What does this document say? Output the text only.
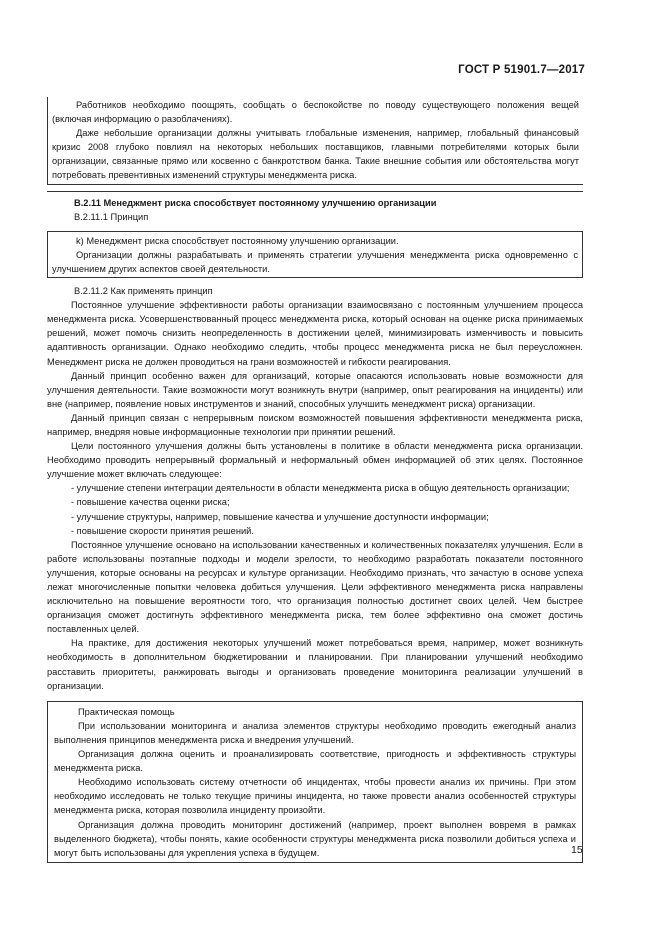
ГОСТ Р 51901.7—2017

Работников необходимо поощрять, сообщать о беспокойстве по поводу существующего положения вещей (включая информацию о разоблачениях).

Даже небольшие организации должны учитывать глобальные изменения, например, глобальный финансовый кризис 2008 глубоко повлиял на некоторых небольших поставщиков, главными потребителями которых были организации, связанные прямо или косвенно с банкротством банка. Такие внешние события или обстоятельства могут потребовать превентивных изменений структуры менеджмента риска.

B.2.11 Менеджмент риска способствует постоянному улучшению организации

В.2.11.1 Принцип

k) Менеджмент риска способствует постоянному улучшению организации.

Организации должны разрабатывать и применять стратегии улучшения менеджмента риска одновременно с улучшением других аспектов своей деятельности.

В.2.11.2 Как применять принцип

Постоянное улучшение эффективности работы организации взаимосвязано с постоянным улучшением процесса менеджмента риска. Усовершенствованный процесс менеджмента риска, который основан на оценке риска принимаемых решений, может помочь снизить неопределенность в достижении целей, минимизировать изменчивость и повысить адаптивность организации. Однако необходимо следить, чтобы процесс менеджмента риска не был переусложнен. Менеджмент риска не должен проводиться на грани возможностей и гибкости реагирования.

Данный принцип особенно важен для организаций, которые опасаются использовать новые возможности для улучшения деятельности. Такие возможности могут возникнуть внутри (например, опыт реагирования на инциденты) или вне (например, появление новых инструментов и знаний, способных улучшить менеджмент риска) организации.

Данный принцип связан с непрерывным поиском возможностей повышения эффективности менеджмента риска, например, внедряя новые информационные технологии при принятии решений.

Цели постоянного улучшения должны быть установлены в политике в области менеджмента риска организации. Необходимо проводить непрерывный формальный и неформальный обмен информацией об этих целях. Постоянное улучшение может включать следующее:

- улучшение степени интеграции деятельности в области менеджмента риска в общую деятельность организации;

- повышение качества оценки риска;

- улучшение структуры, например, повышение качества и улучшение доступности информации;

- повышение скорости принятия решений.

Постоянное улучшение основано на использовании качественных и количественных показателях улучшения. Если в работе использованы поэтапные подходы и модели зрелости, то необходимо разработать показатели постоянного улучшения, которые основаны на ресурсах и культуре организации. Необходимо признать, что зачастую в основе успеха лежат многочисленные попытки человека добиться улучшения. Цели эффективного менеджмента риска направлены исключительно на повышение вероятности того, что организация полностью достигнет своих целей. Чем быстрее организация сможет достигнуть эффективного менеджмента риска, тем более эффективно она сможет достичь поставленных целей.

На практике, для достижения некоторых улучшений может потребоваться время, например, может возникнуть необходимость в дополнительном бюджетировании и планировании. При планировании улучшений необходимо расставить приоритеты, ранжировать выгоды и организовать проведение мониторинга реализации улучшений в организации.

Практическая помощь

При использовании мониторинга и анализа элементов структуры необходимо проводить ежегодный анализ выполнения принципов менеджмента риска и внедрения улучшений.

Организация должна оценить и проанализировать соответствие, пригодность и эффективность структуры менеджмента риска.

Необходимо использовать систему отчетности об инцидентах, чтобы провести анализ их причины. При этом необходимо исследовать не только текущие причины инцидента, но также провести анализ особенностей структуры менеджмента риска, которая позволила инциденту произойти.

Организация должна проводить мониторинг достижений (например, проект выполнен вовремя в рамках выделенного бюджета), чтобы понять, какие особенности структуры менеджмента риска позволили добиться успеха и могут быть использованы для укрепления успеха в будущем.	15
